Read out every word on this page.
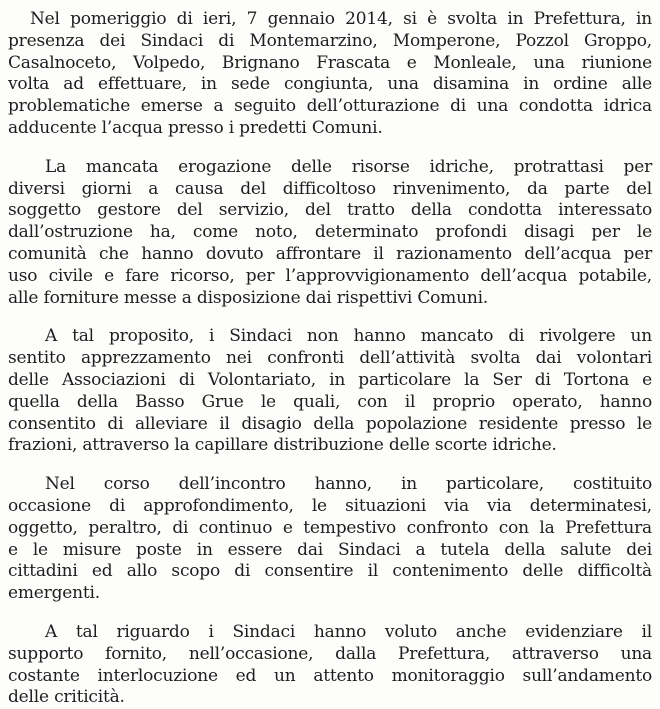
Nel pomeriggio di ieri, 7 gennaio 2014, si è svolta in Prefettura, in
presenza dei Sindaci di Montemarzino, Momperone, Pozzol Groppo,
Casalnoceto, Volpedo, Brignano Frascata e Monleale, una riunione
volta ad effettuare, in sede congiunta, una disamina in ordine alle
problematiche emerse a seguito dell’otturazione di una condotta idrica
adducente l’acqua presso i predetti Comuni.

La mancata erogazione delle risorse idriche, protrattasi per
diversi giorni a causa del difficoltoso rinvenimento, da parte del
soggetto gestore del servizio, del tratto della condotta interessato
dall’ostruzione ha, come noto, determinato profondi disagi per le
comunità che hanno dovuto affrontare il razionamento dell’acqua per
uso civile e fare ricorso, per l’approvvigionamento dell’acqua potabile,
alle forniture messe a disposizione dai rispettivi Comuni.

A tal proposito, i Sindaci non hanno mancato di rivolgere un
sentito apprezzamento nei confronti dell’attività svolta dai volontari
delle Associazioni di Volontariato, in particolare la Ser di Tortona e
quella della Basso Grue le quali, con il proprio operato, hanno
consentito di alleviare il disagio della popolazione residente presso le
frazioni, attraverso la capillare distribuzione delle scorte idriche.

Nel corso dell’incontro hanno, in particolare, costituito
occasione di approfondimento, le situazioni via via determinatesi,
oggetto, peraltro, di continuo e tempestivo confronto con la Prefettura
e le misure poste in essere dai Sindaci a tutela della salute dei
cittadini ed allo scopo di consentire il contenimento delle difficoltà
emergenti.

A tal riguardo i Sindaci hanno voluto anche evidenziare il
supporto fornito, nell’occasione, dalla Prefettura, attraverso una
costante interlocuzione ed un attento monitoraggio sull’andamento
delle criticità.
